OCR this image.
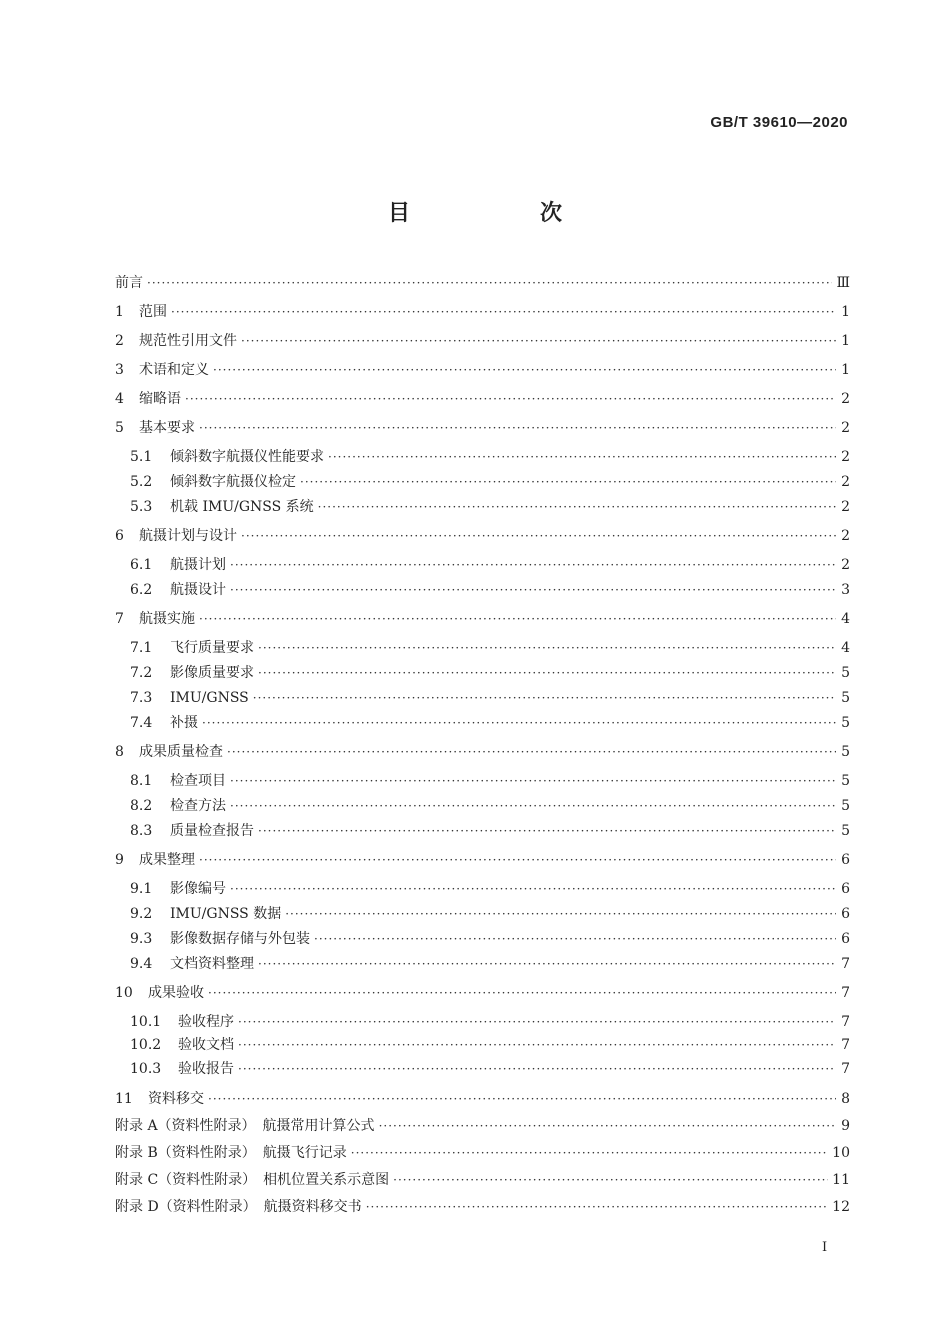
GB/T 39610—2020
目　次
前言 ·····	Ⅲ
1	范围 ·····	1
2	规范性引用文件 ·····	1
3	术语和定义 ·····	1
4	缩略语 ·····	2
5	基本要求 ·····	2
5.1	倾斜数字航摄仪性能要求 ·····	2
5.2	倾斜数字航摄仪检定 ·····	2
5.3	机载 IMU/GNSS 系统 ·····	2
6	航摄计划与设计 ·····	2
6.1	航摄计划 ·····	2
6.2	航摄设计 ·····	3
7	航摄实施 ·····	4
7.1	飞行质量要求 ·····	4
7.2	影像质量要求 ·····	5
7.3	IMU/GNSS ·····	5
7.4	补摄 ·····	5
8	成果质量检查 ·····	5
8.1	检查项目 ·····	5
8.2	检查方法 ·····	5
8.3	质量检查报告 ·····	5
9	成果整理 ·····	6
9.1	影像编号 ·····	6
9.2	IMU/GNSS 数据 ·····	6
9.3	影像数据存储与外包装 ·····	6
9.4	文档资料整理 ·····	7
10	成果验收 ·····	7
10.1	验收程序 ·····	7
10.2	验收文档 ·····	7
10.3	验收报告 ·····	7
11	资料移交 ·····	8
附录 A（资料性附录）　航摄常用计算公式 ·····	9
附录 B（资料性附录）　航摄飞行记录 ·····	10
附录 C（资料性附录）　相机位置关系示意图 ·····	11
附录 D（资料性附录）　航摄资料移交书 ·····	12
Ⅰ
